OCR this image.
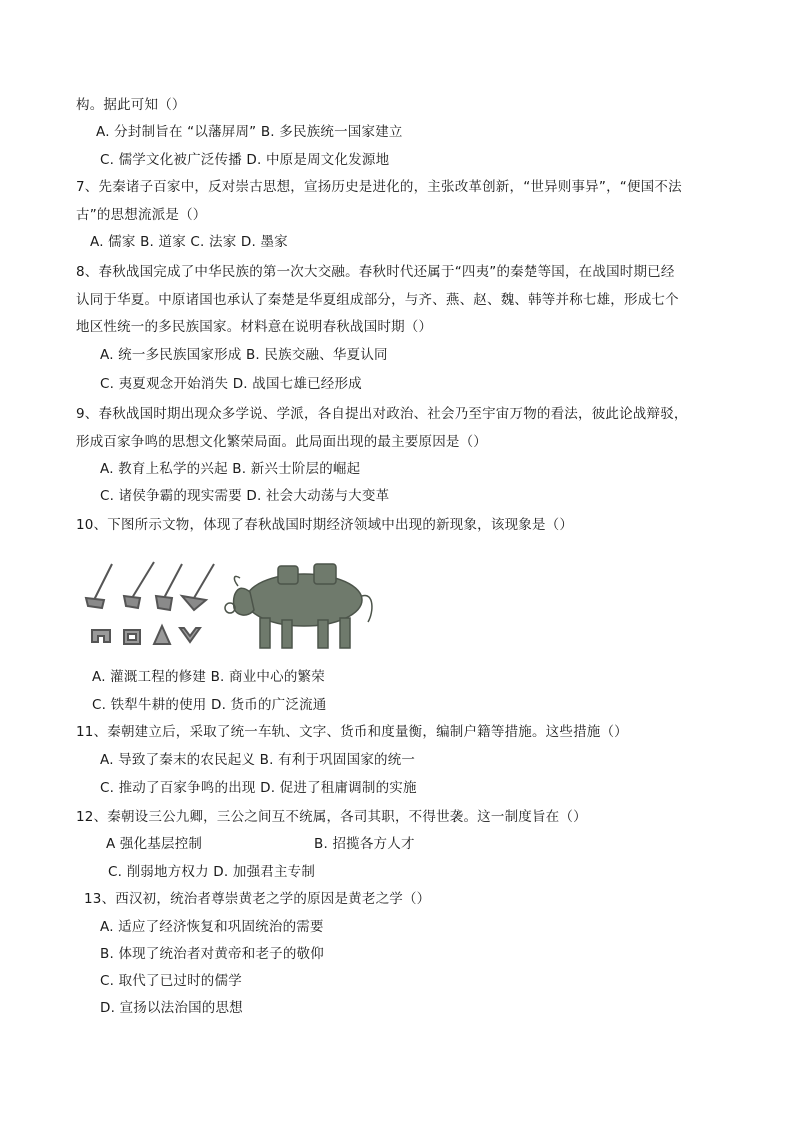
构。据此可知（）
A. 分封制旨在 “以藩屏周” B. 多民族统一国家建立
C. 儒学文化被广泛传播 D. 中原是周文化发源地
7、先秦诸子百家中，反对崇古思想，宣扬历史是进化的，主张改革创新，“世异则事异”，“便国不法
古”的思想流派是（）
A. 儒家 B. 道家 C. 法家 D. 墨家
8、春秋战国完成了中华民族的第一次大交融。春秋时代还属于“四夷”的秦楚等国，在战国时期已经
认同于华夏。中原诸国也承认了秦楚是华夏组成部分，与齐、燕、赵、魏、韩等并称七雄，形成七个
地区性统一的多民族国家。材料意在说明春秋战国时期（）
A. 统一多民族国家形成 B. 民族交融、华夏认同
C. 夷夏观念开始消失 D. 战国七雄已经形成
9、春秋战国时期出现众多学说、学派，各自提出对政治、社会乃至宇宙万物的看法，彼此论战辩驳，
形成百家争鸣的思想文化繁荣局面。此局面出现的最主要原因是（）
A. 教育上私学的兴起 B. 新兴士阶层的崛起
C. 诸侯争霸的现实需要 D. 社会大动荡与大变革
10、下图所示文物，体现了春秋战国时期经济领域中出现的新现象，该现象是（）
A. 灌溉工程的修建 B. 商业中心的繁荣
C. 铁犁牛耕的使用 D. 货币的广泛流通
11、秦朝建立后，采取了统一车轨、文字、货币和度量衡，编制户籍等措施。这些措施（）
A. 导致了秦末的农民起义 B. 有利于巩固国家的统一
C. 推动了百家争鸣的出现 D. 促进了租庸调制的实施
12、秦朝设三公九卿，三公之间互不统属，各司其职，不得世袭。这一制度旨在（）
A 强化基层控制	B. 招揽各方人才
C. 削弱地方权力 D. 加强君主专制
13、西汉初，统治者尊崇黄老之学的原因是黄老之学（）
A. 适应了经济恢复和巩固统治的需要
B. 体现了统治者对黄帝和老子的敬仰
C. 取代了已过时的儒学
D. 宣扬以法治国的思想
